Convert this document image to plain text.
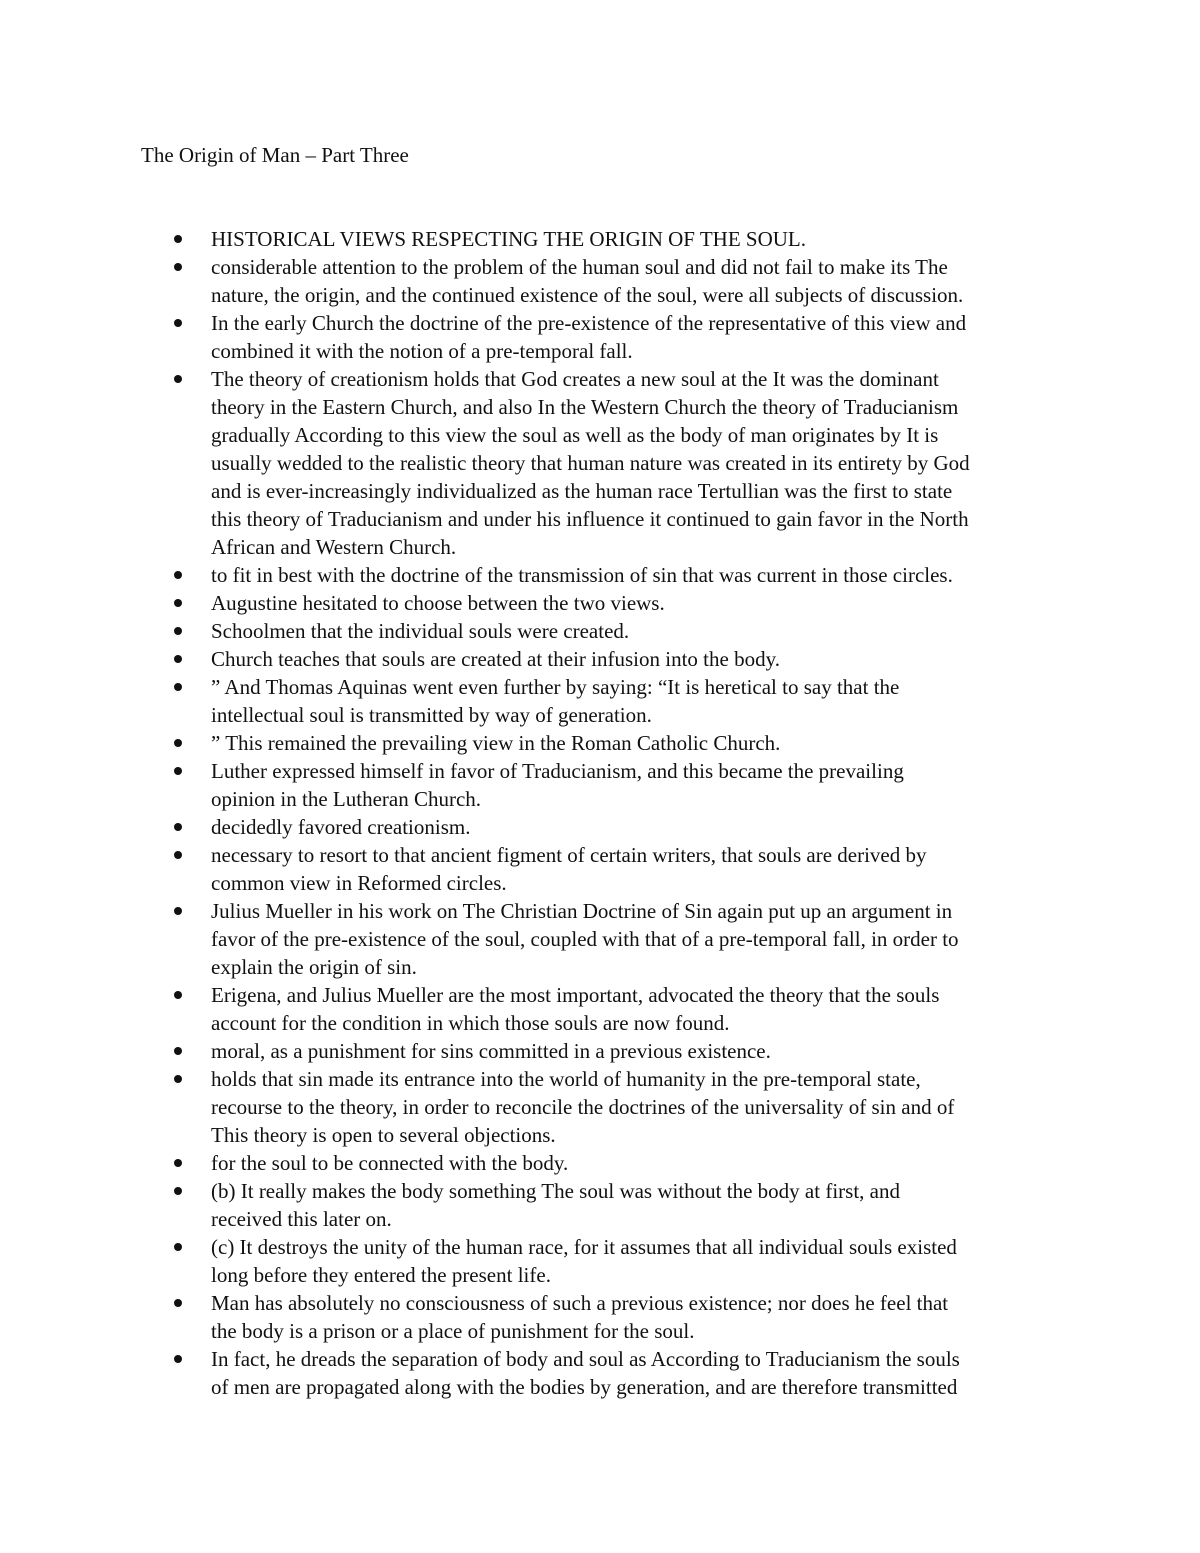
The Origin of Man – Part Three
HISTORICAL VIEWS RESPECTING THE ORIGIN OF THE SOUL.
considerable attention to the problem of the human soul and did not fail to make its The
nature, the origin, and the continued existence of the soul, were all subjects of discussion.
In the early Church the doctrine of the pre-existence of the representative of this view and
combined it with the notion of a pre-temporal fall.
The theory of creationism holds that God creates a new soul at the It was the dominant
theory in the Eastern Church, and also In the Western Church the theory of Traducianism
gradually According to this view the soul as well as the body of man originates by It is
usually wedded to the realistic theory that human nature was created in its entirety by God
and is ever-increasingly individualized as the human race Tertullian was the first to state
this theory of Traducianism and under his influence it continued to gain favor in the North
African and Western Church.
to fit in best with the doctrine of the transmission of sin that was current in those circles.
Augustine hesitated to choose between the two views.
Schoolmen that the individual souls were created.
Church teaches that souls are created at their infusion into the body.
” And Thomas Aquinas went even further by saying: “It is heretical to say that the
intellectual soul is transmitted by way of generation.
” This remained the prevailing view in the Roman Catholic Church.
Luther expressed himself in favor of Traducianism, and this became the prevailing
opinion in the Lutheran Church.
decidedly favored creationism.
necessary to resort to that ancient figment of certain writers, that souls are derived by
common view in Reformed circles.
Julius Mueller in his work on The Christian Doctrine of Sin again put up an argument in
favor of the pre-existence of the soul, coupled with that of a pre-temporal fall, in order to
explain the origin of sin.
Erigena, and Julius Mueller are the most important, advocated the theory that the souls
account for the condition in which those souls are now found.
moral, as a punishment for sins committed in a previous existence.
holds that sin made its entrance into the world of humanity in the pre-temporal state,
recourse to the theory, in order to reconcile the doctrines of the universality of sin and of
This theory is open to several objections.
for the soul to be connected with the body.
(b) It really makes the body something The soul was without the body at first, and
received this later on.
(c) It destroys the unity of the human race, for it assumes that all individual souls existed
long before they entered the present life.
Man has absolutely no consciousness of such a previous existence; nor does he feel that
the body is a prison or a place of punishment for the soul.
In fact, he dreads the separation of body and soul as According to Traducianism the souls
of men are propagated along with the bodies by generation, and are therefore transmitted
